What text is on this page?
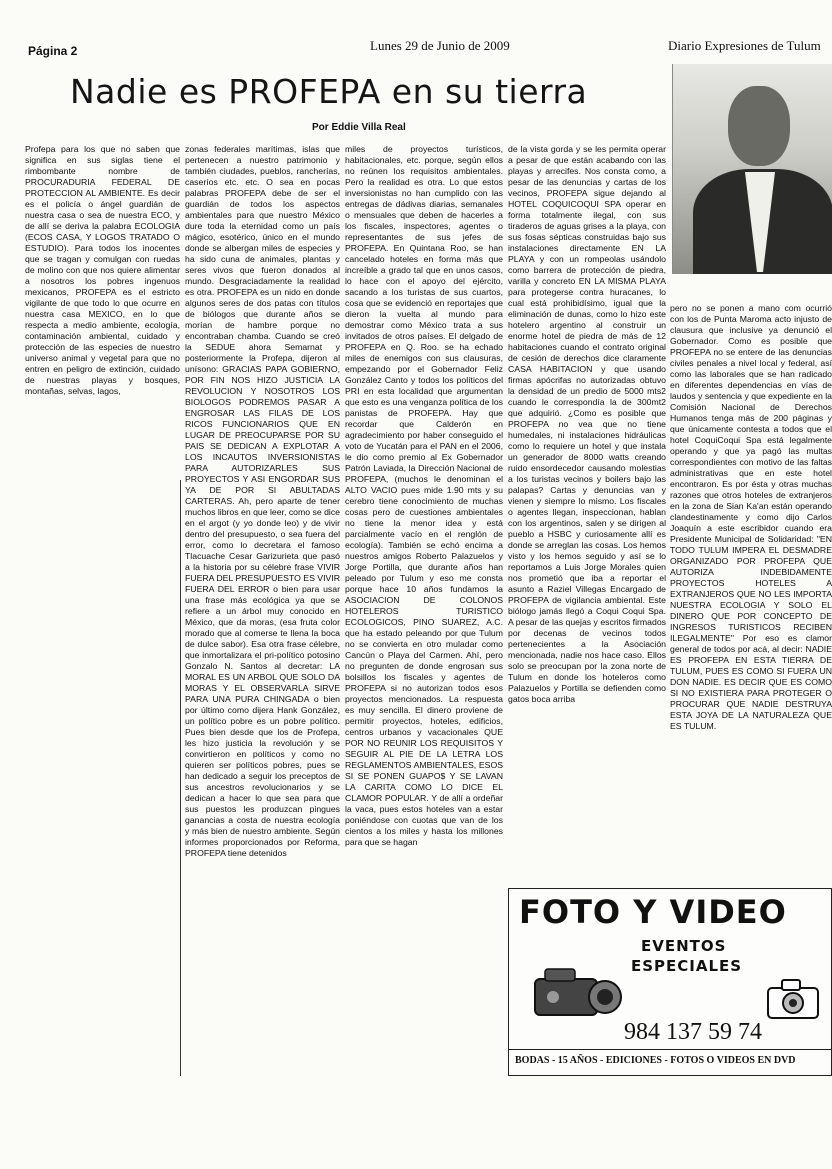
Página 2	Lunes 29 de Junio de 2009	Diario Expresiones de Tulum
Nadie es PROFEPA en su tierra
Por Eddie Villa Real

Profepa para los que no saben que significa en sus siglas tiene el rimbombante nombre de PROCURADURIA FEDERAL DE PROTECCION AL AMBIENTE. Es decir es el policía o ángel guardián de nuestra casa o sea de nuestra ECO, y de allí se deriva la palabra ECOLOGIA (ECOS CASA, Y LOGOS TRATADO O ESTUDIO). Para todos los inocentes que se tragan y comulgan con ruedas de molino con que nos quiere alimentar a nosotros los pobres ingenuos mexicanos, PROFEPA es el estricto vigilante de que todo lo que ocurre en nuestra casa MEXICO, en lo que respecta a medio ambiente, ecología, contaminación ambiental, cuidado y protección de las especies de nuestro universo animal y vegetal para que no entren en peligro de extinción, cuidado de nuestras playas y bosques, montañas, selvas, lagos,

zonas federales marítimas, islas que pertenecen a nuestro patrimonio y también ciudades, pueblos, rancherías, caseríos etc. etc. O sea en pocas palabras PROFEPA debe de ser el guardián de todos los aspectos ambientales para que nuestro México dure toda la eternidad como un país mágico, esotérico, único en el mundo donde se albergan miles de especies y ha sido cuna de animales, plantas y seres vivos que fueron donados al mundo. Desgraciadamente la realidad es otra. PROFEPA es un nido en donde algunos seres de dos patas con títulos de biólogos que durante años se morían de hambre porque no encontraban chamba. Cuando se creó la SEDUE ahora Semarnat y posteriormente la Profepa, dijeron al unísono: GRACIAS PAPA GOBIERNO, POR FIN NOS HIZO JUSTICIA LA REVOLUCION Y NOSOTROS LOS BIOLOGOS PODREMOS PASAR A ENGROSAR LAS FILAS DE LOS RICOS FUNCIONARIOS QUE EN LUGAR DE PREOCUPARSE POR SU PAIS SE DEDICAN A EXPLOTAR A LOS INCAUTOS INVERSIONISTAS PARA AUTORIZARLES SUS PROYECTOS Y ASI ENGORDAR SUS YA DE POR SI ABULTADAS CARTERAS. Ah, pero aparte de tener muchos libros en que leer, como se dice en el argot (y yo donde leo) y de vivir dentro del presupuesto, o sea fuera del error, como lo decretara el famoso Tlacuache Cesar Garizurieta que pasó a la historia por su célebre frase VIVIR FUERA DEL PRESUPUESTO ES VIVIR FUERA DEL ERROR o bien para usar una frase más ecológica ya que se refiere a un árbol muy conocido en México, que da moras, (esa fruta color morado que al comerse te llena la boca de dulce sabor). Esa otra frase célebre, que inmortalizara el pri-político potosino Gonzalo N. Santos al decretar: LA MORAL ES UN ARBOL QUE SOLO DA MORAS Y EL OBSERVARLA SIRVE PARA UNA PURA CHINGADA o bien por último como dijera Hank González, un político pobre es un pobre político. Pues bien desde que los de Profepa, les hizo justicia la revolución y se convirtieron en políticos y como no quieren ser políticos pobres, pues se han dedicado a seguir los preceptos de sus ancestros revolucionarios y se dedican a hacer lo que sea para que sus puestos les produzcan pingues ganancias a costa de nuestra ecología y más bien de nuestro ambiente. Según informes proporcionados por Reforma, PROFEPA tiene detenidos

miles de proyectos turísticos, habitacionales, etc. porque, según ellos no reúnen los requisitos ambientales. Pero la realidad es otra. Lo que estos inversionistas no han cumplido con las entregas de dádivas diarias, semanales o mensuales que deben de hacerles a los fiscales, inspectores, agentes o representantes de sus jefes de PROFEPA. En Quintana Roo, se han cancelado hoteles en forma más que increíble a grado tal que en unos casos, lo hace con el apoyo del ejército, sacando a los turistas de sus cuartos, cosa que se evidenció en reportajes que dieron la vuelta al mundo para demostrar como México trata a sus invitados de otros países. El delgado de PROFEPA en Q. Roo. se ha echado miles de enemigos con sus clausuras, empezando por el Gobernador Feliz González Canto y todos los políticos del PRI en esta localidad que argumentan que esto es una venganza política de los panistas de PROFEPA. Hay que recordar que Calderón en agradecimiento por haber conseguido el voto de Yucatán para el PAN en el 2006, le dio como premio al Ex Gobernador Patrón Laviada, la Dirección Nacional de PROFEPA, (muchos le denominan el ALTO VACIO pues mide 1.90 mts y su cerebro tiene conocimiento de muchas cosas pero de cuestiones ambientales no tiene la menor idea y está parcialmente vacío en el renglón de ecología). También se echó encima a nuestros amigos Roberto Palazuelos y Jorge Portilla, que durante años han peleado por Tulum y eso me consta porque hace 10 años fundamos la ASOCIACION DE COLONOS HOTELEROS TURISTICO ECOLOGICOS, PINO SUAREZ, A.C. que ha estado peleando por que Tulum no se convierta en otro muladar como Cancún o Playa del Carmen. Ahí, pero no pregunten de donde engrosan sus bolsillos los fiscales y agentes de PROFEPA si no autorizan todos esos proyectos mencionados. La respuesta es muy sencilla. El dinero proviene de permitir proyectos, hoteles, edificios, centros urbanos y vacacionales QUE POR NO REUNIR LOS REQUISITOS Y SEGUIR AL PIE DE LA LETRA LOS REGLAMENTOS AMBIENTALES, ESOS SI SE PONEN GUAPO$ Y SE LAVAN LA CARITA COMO LO DICE EL CLAMOR POPULAR. Y de allí a ordeñar la vaca, pues estos hoteles van a estar poniéndose con cuotas que van de los cientos a los miles y hasta los millones para que se hagan

de la vista gorda y se les permita operar a pesar de que están acabando con las playas y arrecifes. Nos consta como, a pesar de las denuncias y cartas de los vecinos, PROFEPA sigue dejando al HOTEL COQUICOQUI SPA operar en forma totalmente ilegal, con sus tiraderos de aguas grises a la playa, con sus fosas sépticas construidas bajo sus instalaciones directamente EN LA PLAYA y con un rompeolas usándolo como barrera de protección de piedra, varilla y concreto EN LA MISMA PLAYA para protegerse contra huracanes, lo cual está prohibidísimo, igual que la eliminación de dunas, como lo hizo este hotelero argentino al construir un enorme hotel de piedra de más de 12 habitaciones cuando el contrato original de cesión de derechos dice claramente CASA HABITACION y que usando firmas apócrifas no autorizadas obtuvo la densidad de un predio de 5000 mts2 cuando le correspondía la de 300mt2 que adquirió. ¿Como es posible que PROFEPA no vea que no tiene humedales, ni instalaciones hidráulicas como lo requiere un hotel y que instala un generador de 8000 watts creando ruido ensordecedor causando molestias a los turistas vecinos y boilers bajo las palapas? Cartas y denuncias van y vienen y siempre lo mismo. Los fiscales o agentes llegan, inspeccionan, hablan con los argentinos, salen y se dirigen al pueblo a HSBC y curiosamente allí es donde se arreglan las cosas. Los hemos visto y los hemos seguido y así se lo reportamos a Luis Jorge Morales quien nos prometió que iba a reportar el asunto a Raziel Villegas Encargado de PROFEPA de vigilancia ambiental. Este biólogo jamás llegó a Coqui Coqui Spa. A pesar de las quejas y escritos firmados por decenas de vecinos todos pertenecientes a la Asociación mencionada, nadie nos hace caso. Ellos solo se preocupan por la zona norte de Tulum en donde los hoteleros como Palazuelos y Portilla se defienden como gatos boca arriba

pero no se ponen a mano com ocurrió con los de Punta Maroma acto injusto de clausura que inclusive ya denunció el Gobernador. Como es posible que PROFEPA no se entere de las denuncias civiles penales a nivel local y federal, así como las laborales que se han radicado en diferentes dependencias en vías de laudos y sentencia y que expediente en la Comisión Nacional de Derechos Humanos tenga más de 200 páginas y que únicamente contesta a todos que el hotel CoquiCoqui Spa está legalmente operando y que ya pagó las multas correspondientes con motivo de las faltas administrativas que en este hotel encontraron. Es por ésta y otras muchas razones que otros hoteles de extranjeros en la zona de Sian Ka'an están operando clandestinamente y como dijo Carlos Joaquín a este escribidor cuando era Presidente Municipal de Solidaridad: "EN TODO TULUM IMPERA EL DESMADRE ORGANIZADO POR PROFEPA QUE AUTORIZA INDEBIDAMENTE PROYECTOS HOTELES A EXTRANJEROS QUE NO LES IMPORTA NUESTRA ECOLOGIA Y SOLO EL DINERO QUE POR CONCEPTO DE INGRESOS TURISTICOS RECIBEN ILEGALMENTE" Por eso es clamor general de todos por acá, al decir: NADIE ES PROFEPA EN ESTA TIERRA DE TULUM, PUES ES COMO SI FUERA UN DON NADIE. ES DECIR QUE ES COMO SI NO EXISTIERA PARA PROTEGER O PROCURAR QUE NADIE DESTRUYA ESTA JOYA DE LA NATURALEZA QUE ES TULUM.

FOTO Y VIDEO
EVENTOS
ESPECIALES
984 137 59 74
BODAS - 15 AÑOS - EDICIONES - FOTOS O VIDEOS EN DVD
